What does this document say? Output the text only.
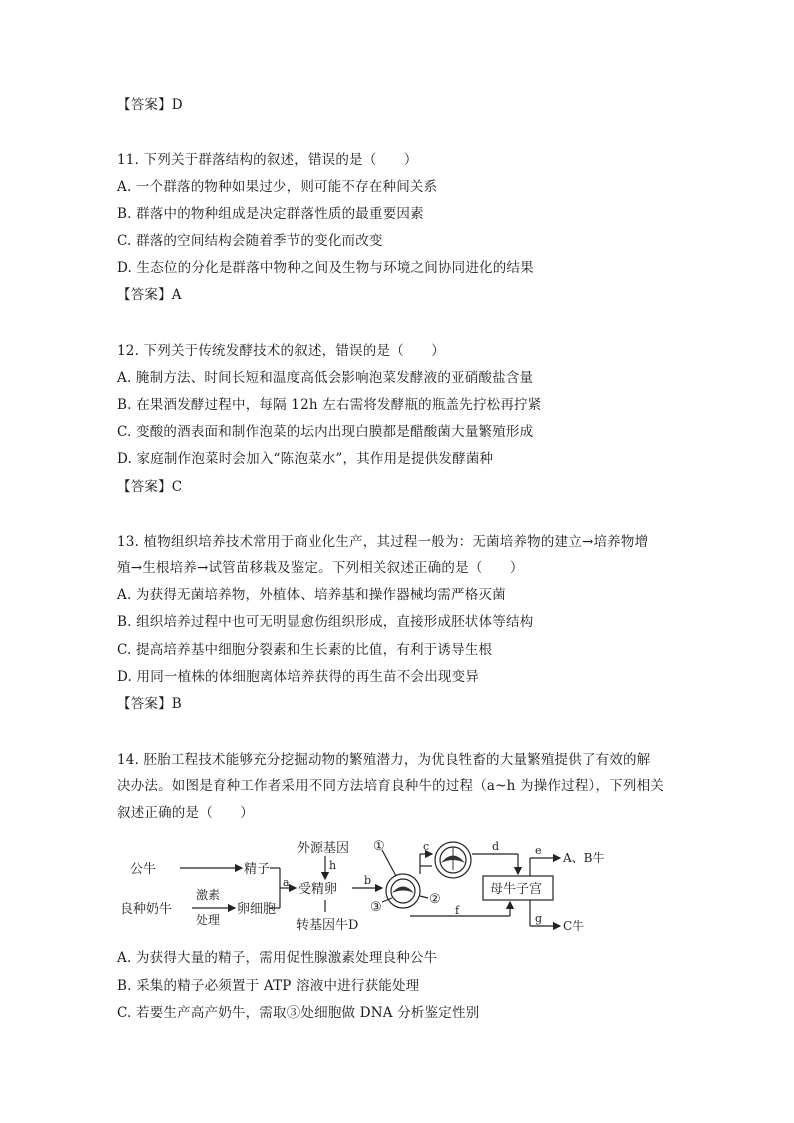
【答案】D
11. 下列关于群落结构的叙述，错误的是（　　）
A. 一个群落的物种如果过少，则可能不存在种间关系
B. 群落中的物种组成是决定群落性质的最重要因素
C. 群落的空间结构会随着季节的变化而改变
D. 生态位的分化是群落中物种之间及生物与环境之间协同进化的结果
【答案】A
12. 下列关于传统发酵技术的叙述，错误的是（　　）
A. 腌制方法、时间长短和温度高低会影响泡菜发酵液的亚硝酸盐含量
B. 在果酒发酵过程中，每隔 12h 左右需将发酵瓶的瓶盖先拧松再拧紧
C. 变酸的酒表面和制作泡菜的坛内出现白膜都是醋酸菌大量繁殖形成
D. 家庭制作泡菜时会加入“陈泡菜水”，其作用是提供发酵菌种
【答案】C
13. 植物组织培养技术常用于商业化生产，其过程一般为：无菌培养物的建立→培养物增
殖→生根培养→试管苗移栽及鉴定。下列相关叙述正确的是（　　）
A. 为获得无菌培养物，外植体、培养基和操作器械均需严格灭菌
B. 组织培养过程中也可无明显愈伤组织形成，直接形成胚状体等结构
C. 提高培养基中细胞分裂素和生长素的比值，有利于诱导生根
D. 用同一植株的体细胞离体培养获得的再生苗不会出现变异
【答案】B
14. 胚胎工程技术能够充分挖掘动物的繁殖潜力，为优良牲畜的大量繁殖提供了有效的解
决办法。如图是育种工作者采用不同方法培育良种牛的过程（a~h 为操作过程），下列相关
叙述正确的是（　　）
公牛	精子
良种奶牛
激素
处理
卵细胞
外源基因
受精卵
转基因牛D
母牛子宫
A、B牛
C牛
a	b
c	d	e
f
g
h
①
②
③
A. 为获得大量的精子，需用促性腺激素处理良种公牛
B. 采集的精子必须置于 ATP 溶液中进行获能处理
C. 若要生产高产奶牛，需取③处细胞做 DNA 分析鉴定性别
